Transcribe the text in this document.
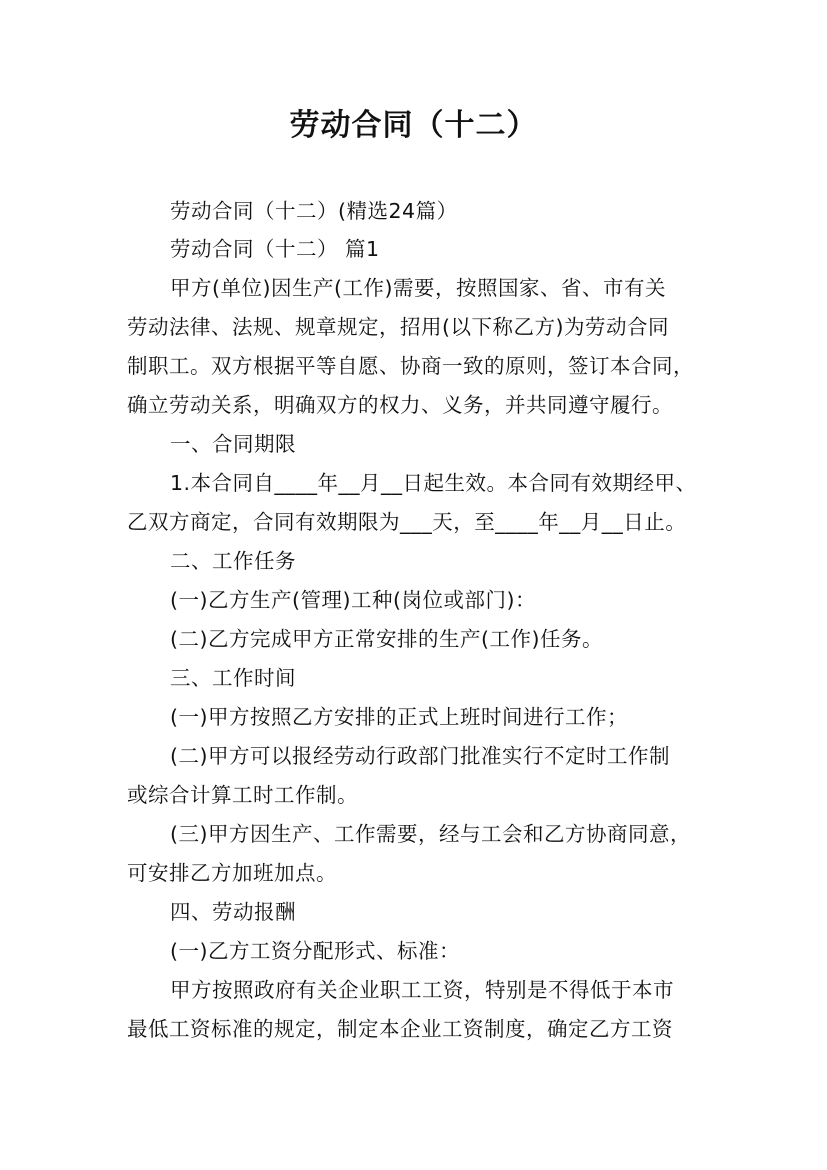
劳动合同（十二）
劳动合同（十二）(精选24篇）
劳动合同（十二） 篇1
甲方(单位)因生产(工作)需要，按照国家、省、市有关
劳动法律、法规、规章规定，招用(以下称乙方)为劳动合同
制职工。双方根据平等自愿、协商一致的原则，签订本合同，
确立劳动关系，明确双方的权力、义务，并共同遵守履行。
一、合同期限
1.本合同自____年__月__日起生效。本合同有效期经甲、
乙双方商定，合同有效期限为___天，至____年__月__日止。
二、工作任务
(一)乙方生产(管理)工种(岗位或部门)：
(二)乙方完成甲方正常安排的生产(工作)任务。
三、工作时间
(一)甲方按照乙方安排的正式上班时间进行工作；
(二)甲方可以报经劳动行政部门批准实行不定时工作制
或综合计算工时工作制。
(三)甲方因生产、工作需要，经与工会和乙方协商同意，
可安排乙方加班加点。
四、劳动报酬
(一)乙方工资分配形式、标准：
甲方按照政府有关企业职工工资，特别是不得低于本市
最低工资标准的规定，制定本企业工资制度，确定乙方工资
